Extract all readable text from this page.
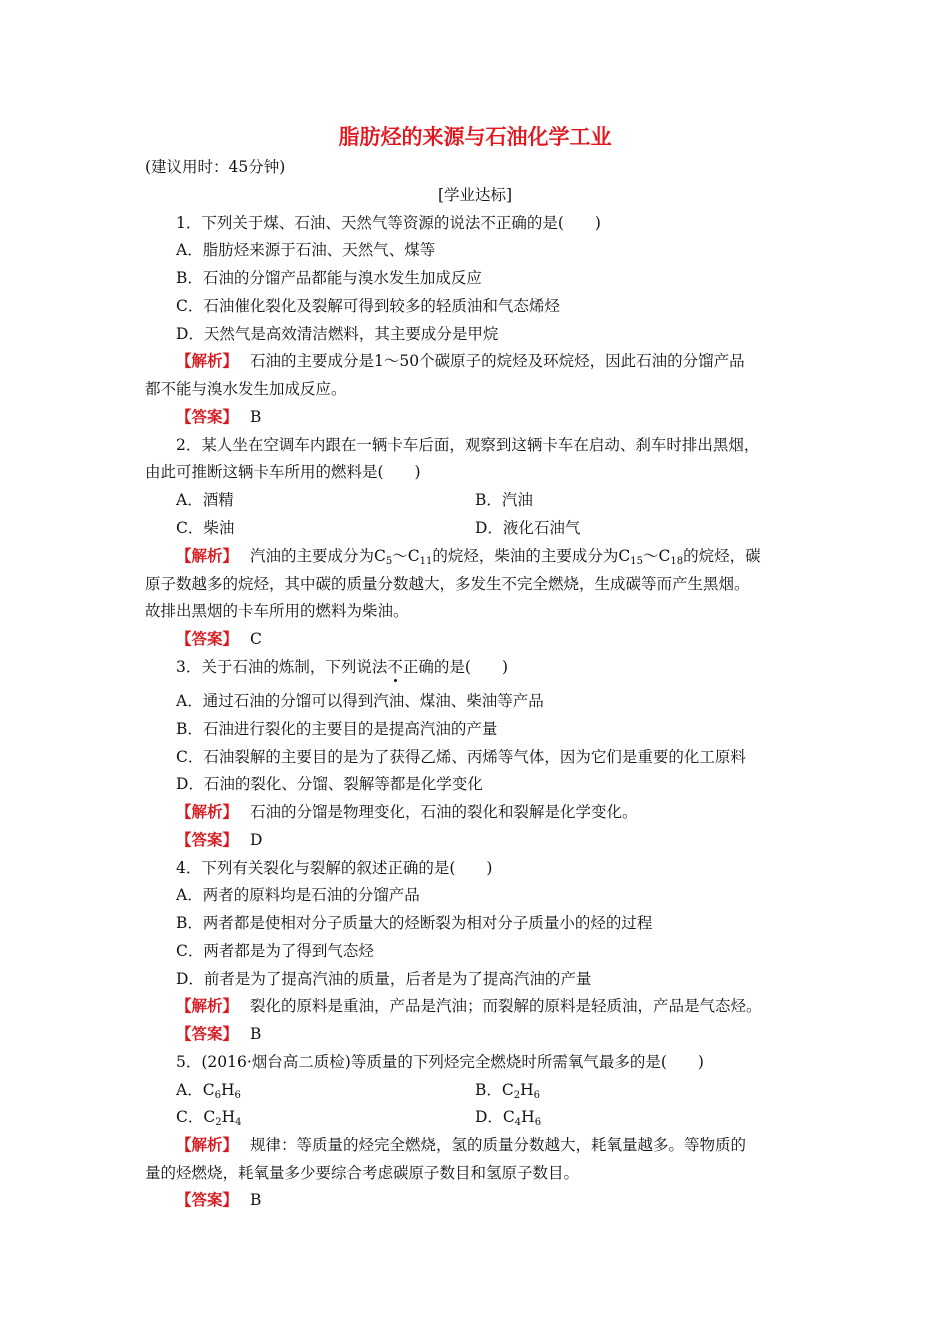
脂肪烃的来源与石油化学工业
(建议用时：45分钟)
[学业达标]
1．下列关于煤、石油、天然气等资源的说法不正确的是(　　)
A．脂肪烃来源于石油、天然气、煤等
B．石油的分馏产品都能与溴水发生加成反应
C．石油催化裂化及裂解可得到较多的轻质油和气态烯烃
D．天然气是高效清洁燃料，其主要成分是甲烷
【解析】 石油的主要成分是1～50个碳原子的烷烃及环烷烃，因此石油的分馏产品
都不能与溴水发生加成反应。
【答案】 B
2．某人坐在空调车内跟在一辆卡车后面，观察到这辆卡车在启动、刹车时排出黑烟，
由此可推断这辆卡车所用的燃料是(　　)
A．酒精	B．汽油
C．柴油	D．液化石油气
【解析】 汽油的主要成分为$C_5\sim C_{11}$的烷烃，柴油的主要成分为$C_{15}\sim C_{18}$的烷烃，碳
原子数越多的烷烃，其中碳的质量分数越大，多发生不完全燃烧，生成碳等而产生黑烟。
故排出黑烟的卡车所用的燃料为柴油。
【答案】 C
3．关于石油的炼制，下列说法不正确的是(　　)
A．通过石油的分馏可以得到汽油、煤油、柴油等产品
B．石油进行裂化的主要目的是提高汽油的产量
C．石油裂解的主要目的是为了获得乙烯、丙烯等气体，因为它们是重要的化工原料
D．石油的裂化、分馏、裂解等都是化学变化
【解析】 石油的分馏是物理变化，石油的裂化和裂解是化学变化。
【答案】 D
4．下列有关裂化与裂解的叙述正确的是(　　)
A．两者的原料均是石油的分馏产品
B．两者都是使相对分子质量大的烃断裂为相对分子质量小的烃的过程
C．两者都是为了得到气态烃
D．前者是为了提高汽油的质量，后者是为了提高汽油的产量
【解析】 裂化的原料是重油，产品是汽油；而裂解的原料是轻质油，产品是气态烃。
【答案】 B
5．(2016·烟台高二质检)等质量的下列烃完全燃烧时所需氧气最多的是(　　)
A．$C_6H_6$	B．$C_2H_6$
C．$C_2H_4$	D．$C_4H_6$
【解析】 规律：等质量的烃完全燃烧，氢的质量分数越大，耗氧量越多。等物质的
量的烃燃烧，耗氧量多少要综合考虑碳原子数目和氢原子数目。
【答案】 B
